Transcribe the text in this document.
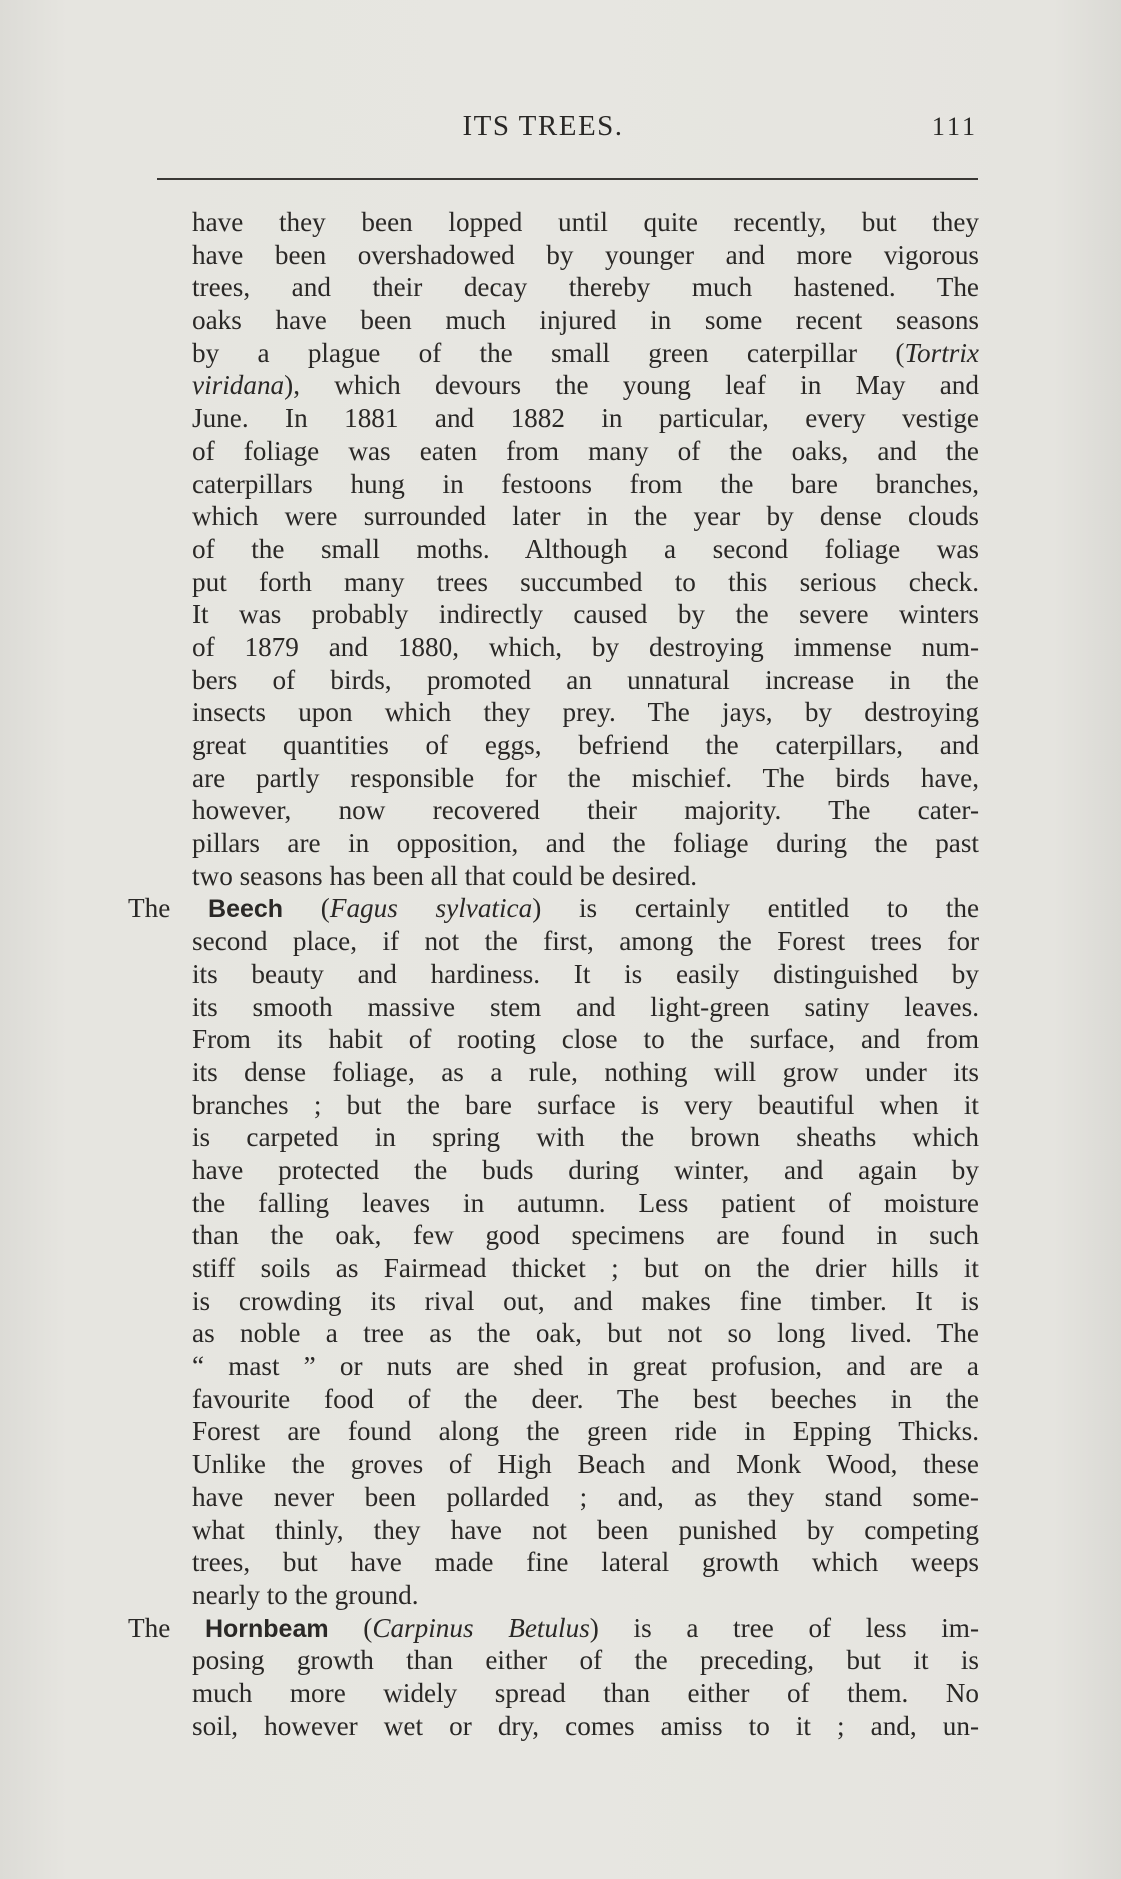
ITS TREES.	111
have they been lopped until quite recently, but they
have been overshadowed by younger and more vigorous
trees, and their decay thereby much hastened. The
oaks have been much injured in some recent seasons
by a plague of the small green caterpillar (Tortrix
viridana), which devours the young leaf in May and
June. In 1881 and 1882 in particular, every vestige
of foliage was eaten from many of the oaks, and the
caterpillars hung in festoons from the bare branches,
which were surrounded later in the year by dense clouds
of the small moths. Although a second foliage was
put forth many trees succumbed to this serious check.
It was probably indirectly caused by the severe winters
of 1879 and 1880, which, by destroying immense num-
bers of birds, promoted an unnatural increase in the
insects upon which they prey. The jays, by destroying
great quantities of eggs, befriend the caterpillars, and
are partly responsible for the mischief. The birds have,
however, now recovered their majority. The cater-
pillars are in opposition, and the foliage during the past
two seasons has been all that could be desired.
The Beech (Fagus sylvatica) is certainly entitled to the
second place, if not the first, among the Forest trees for
its beauty and hardiness. It is easily distinguished by
its smooth massive stem and light-green satiny leaves.
From its habit of rooting close to the surface, and from
its dense foliage, as a rule, nothing will grow under its
branches ; but the bare surface is very beautiful when it
is carpeted in spring with the brown sheaths which
have protected the buds during winter, and again by
the falling leaves in autumn. Less patient of moisture
than the oak, few good specimens are found in such
stiff soils as Fairmead thicket ; but on the drier hills it
is crowding its rival out, and makes fine timber. It is
as noble a tree as the oak, but not so long lived. The
“ mast ” or nuts are shed in great profusion, and are a
favourite food of the deer. The best beeches in the
Forest are found along the green ride in Epping Thicks.
Unlike the groves of High Beach and Monk Wood, these
have never been pollarded ; and, as they stand some-
what thinly, they have not been punished by competing
trees, but have made fine lateral growth which weeps
nearly to the ground.
The Hornbeam (Carpinus Betulus) is a tree of less im-
posing growth than either of the preceding, but it is
much more widely spread than either of them. No
soil, however wet or dry, comes amiss to it ; and, un-
